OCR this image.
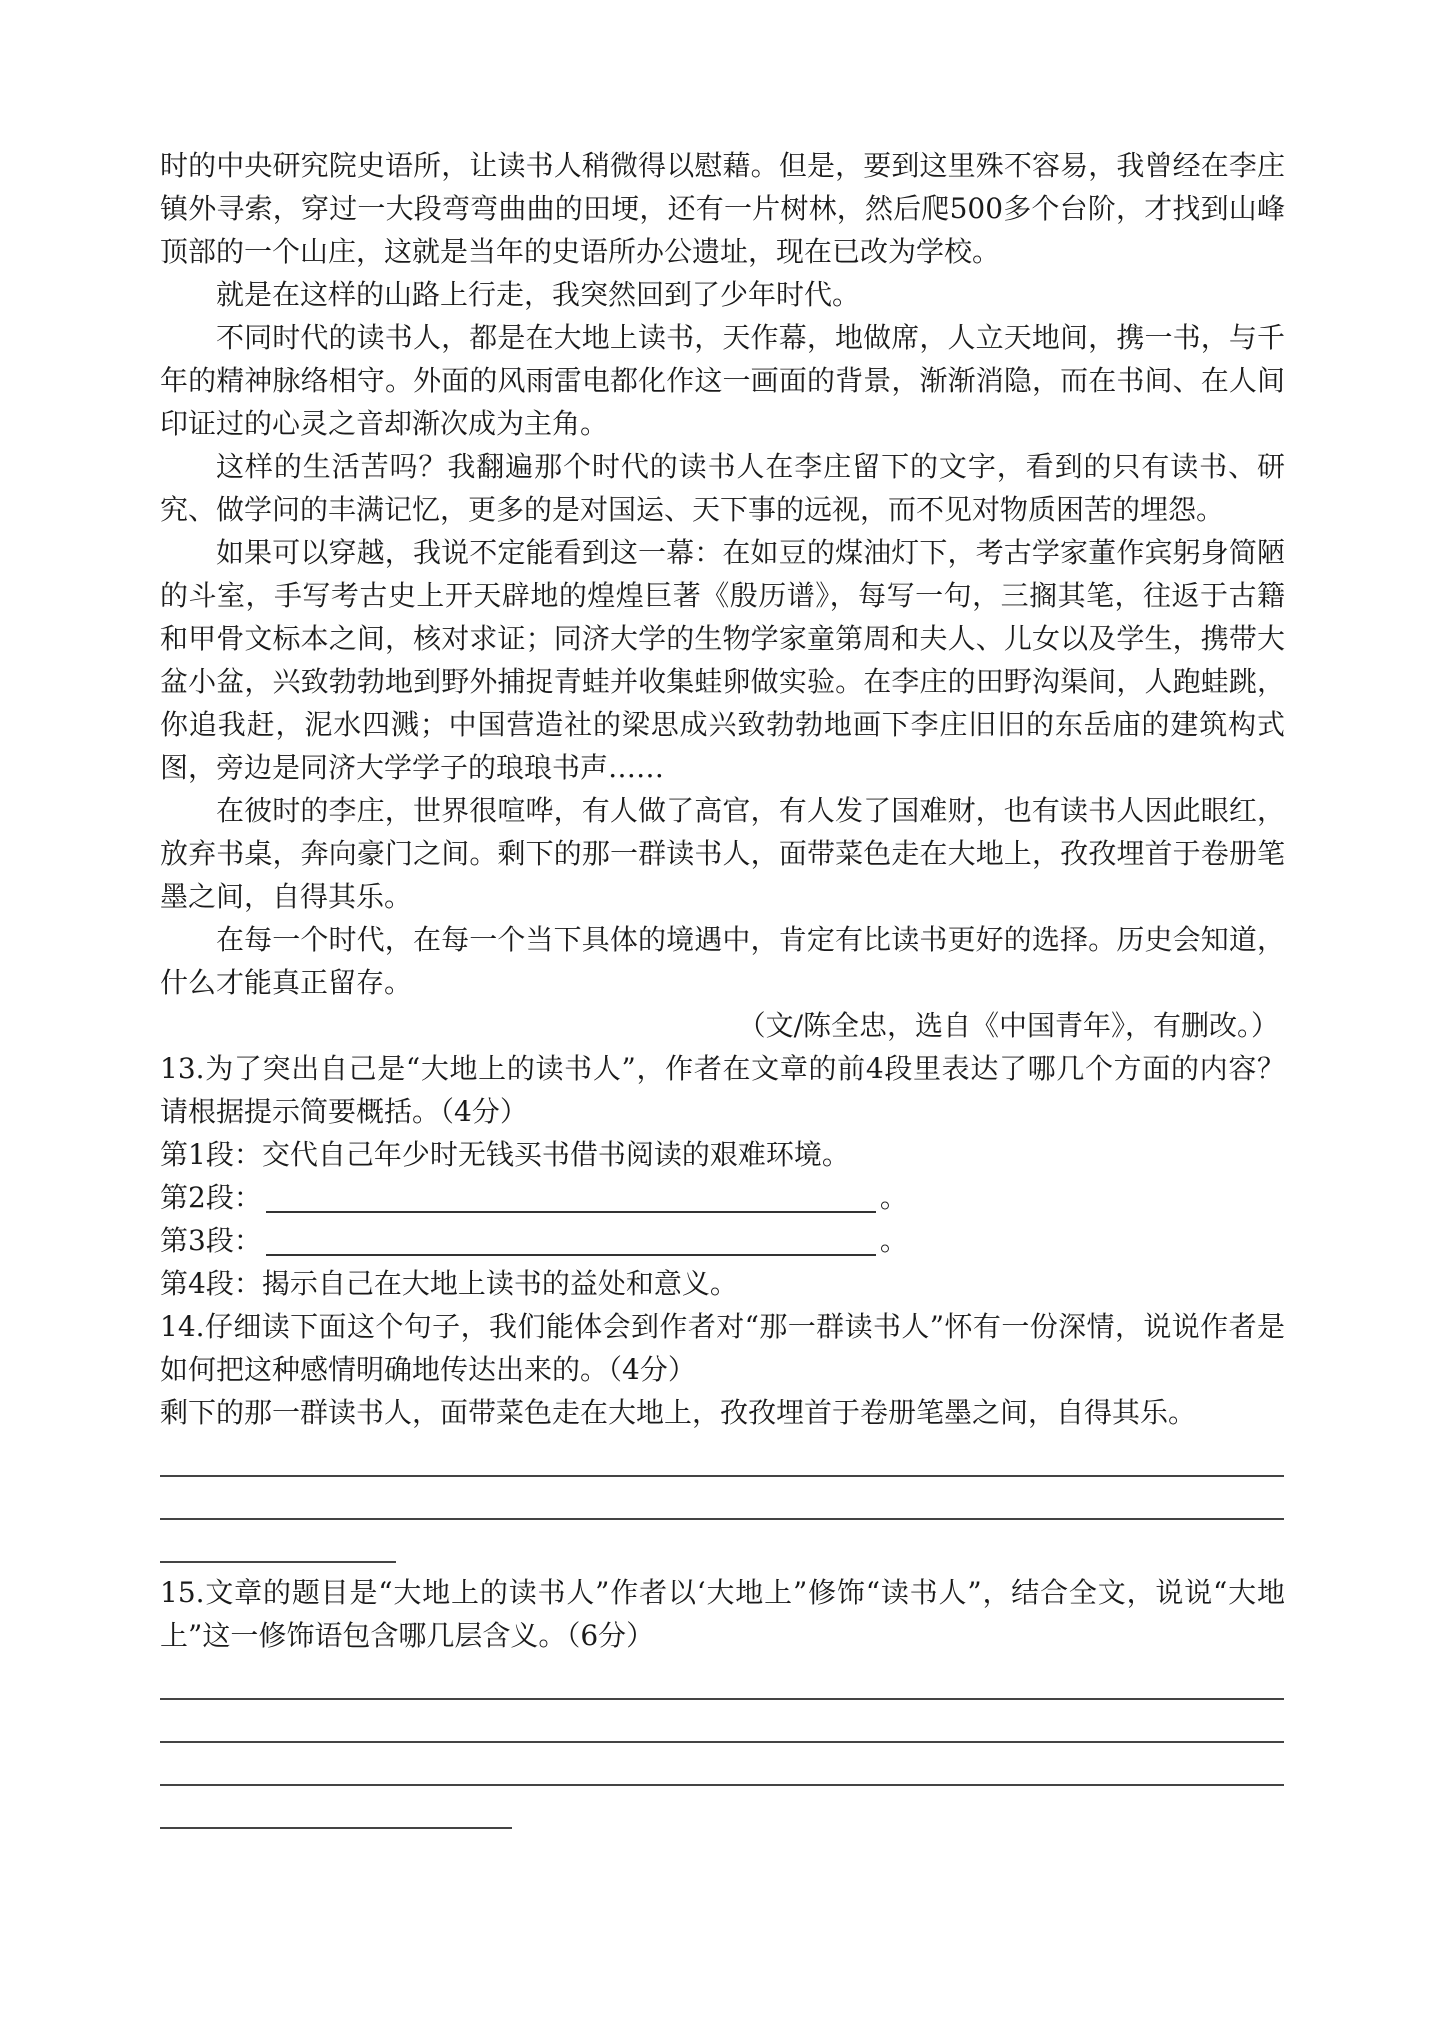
时的中央研究院史语所，让读书人稍微得以慰藉。但是，要到这里殊不容易，我曾经在李庄镇外寻索，穿过一大段弯弯曲曲的田埂，还有一片树林，然后爬500多个台阶，才找到山峰顶部的一个山庄，这就是当年的史语所办公遗址，现在已改为学校。

就是在这样的山路上行走，我突然回到了少年时代。

不同时代的读书人，都是在大地上读书，天作幕，地做席，人立天地间，携一书，与千年的精神脉络相守。外面的风雨雷电都化作这一画面的背景，渐渐消隐，而在书间、在人间印证过的心灵之音却渐次成为主角。

这样的生活苦吗？我翻遍那个时代的读书人在李庄留下的文字，看到的只有读书、研究、做学问的丰满记忆，更多的是对国运、天下事的远视，而不见对物质困苦的埋怨。

如果可以穿越，我说不定能看到这一幕：在如豆的煤油灯下，考古学家董作宾躬身简陋的斗室，手写考古史上开天辟地的煌煌巨著《殷历谱》，每写一句，三搁其笔，往返于古籍和甲骨文标本之间，核对求证；同济大学的生物学家童第周和夫人、儿女以及学生，携带大盆小盆，兴致勃勃地到野外捕捉青蛙并收集蛙卵做实验。在李庄的田野沟渠间，人跑蛙跳，你追我赶，泥水四溅；中国营造社的梁思成兴致勃勃地画下李庄旧旧的东岳庙的建筑构式图，旁边是同济大学学子的琅琅书声……

在彼时的李庄，世界很喧哗，有人做了高官，有人发了国难财，也有读书人因此眼红，放弃书桌，奔向豪门之间。剩下的那一群读书人，面带菜色走在大地上，孜孜埋首于卷册笔墨之间，自得其乐。

在每一个时代，在每一个当下具体的境遇中，肯定有比读书更好的选择。历史会知道，什么才能真正留存。

（文/陈全忠，选自《中国青年》，有删改。）

13.为了突出自己是“大地上的读书人”，作者在文章的前4段里表达了哪几个方面的内容？请根据提示简要概括。（4分）

第1段：交代自己年少时无钱买书借书阅读的艰难环境。

第2段：	。

第3段：	。

第4段：揭示自己在大地上读书的益处和意义。

14.仔细读下面这个句子，我们能体会到作者对“那一群读书人”怀有一份深情，说说作者是如何把这种感情明确地传达出来的。（4分）

剩下的那一群读书人，面带菜色走在大地上，孜孜埋首于卷册笔墨之间，自得其乐。

15.文章的题目是“大地上的读书人”作者以‘大地上”修饰“读书人”，结合全文，说说“大地上”这一修饰语包含哪几层含义。（6分）
